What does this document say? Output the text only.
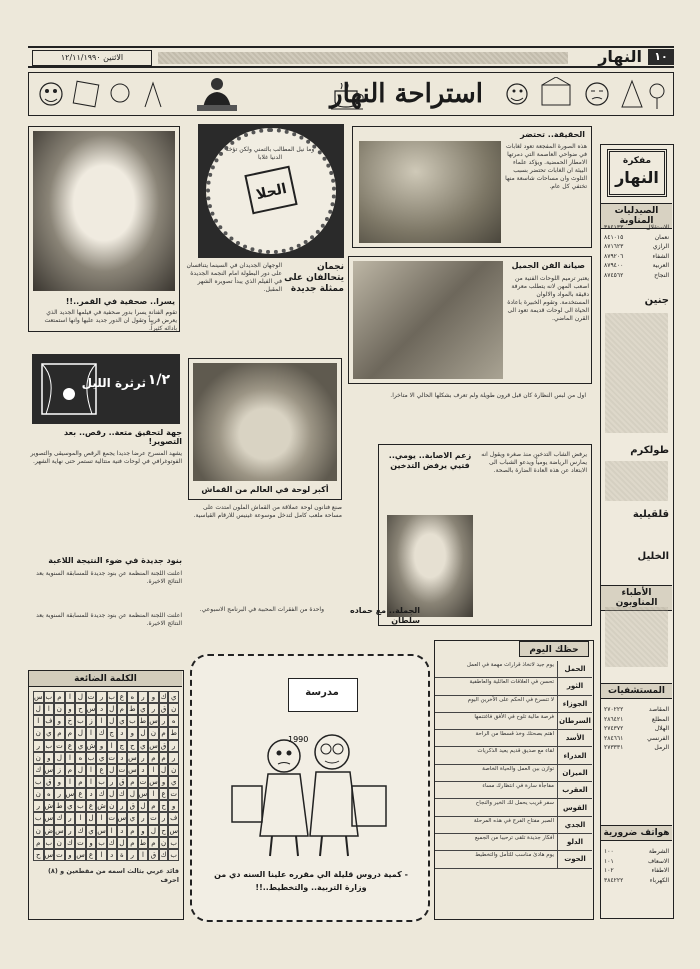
١٠
النهار
الاثنين ١٢/١١/١٩٩٠
استراحة النهار
مفكرة
النهار
الصيدليات المناوبة
الاستقلال
٣٨٤١٣٣
نعمان
٨٤١٠١٥
الرازي
٨٧١٦٢٣
الشفاء
٨٧٩٢٠٦
العربية
٨٧٩٤٠٠
النجاح
٨٧٤٥٦٢
جنين
طولكرم
قلقيلية
الخليل
الأطباء المناوبون
المستشفيات
المقاصد
٢٧٠٢٢٢
المطلع
٢٨٦٤٢١
الهلال
٢٧٤٣٧٢
الفرنسي
٢٨٤٦٦١
الرمل
٢٧٣٣٣١
هواتف ضرورية
الشرطة
١٠٠
الاسعاف
١٠١
الاطفاء
١٠٢
الكهرباء
٣٨٤٢٢٢
الحقيقة.. تحتضر
هذه الصورة المفجعة تعود لغابات في ضواحي العاصمة التي دمرتها الامطار الحمضية. ويؤكد علماء البيئة ان الغابات تحتضر بسبب التلوث وان مساحات شاسعة منها تختفي كل عام.
الحلا
وما نيل المطالب بالتمني ولكن تؤخذ الدنيا غلابا
يسرا.. صحفية في القمر..!!
تقوم الفنانة يسرا بدور صحفية في فيلمها الجديد الذي يعرض قريباً وتقول ان الدور جديد عليها وانها استمتعت بادائه كثيراً.
نجمان يتحالفان على ممثلة جديدة
الوجهان الجديدان في السينما يتنافسان على دور البطولة امام النجمة الجديدة في الفيلم الذي يبدأ تصويره الشهر المقبل.
صيانة الفن الجميل
يعتبر ترميم اللوحات الفنية من اصعب المهن لانه يتطلب معرفة دقيقة بالمواد والالوان المستخدمة. وتقوم الخبيرة باعادة الحياة الى لوحات قديمة تعود الى القرن الماضي.
١/٢
ثرثرة الليل
أكبر لوحة في العالم من القماش
صنع فنانون لوحة عملاقة من القماش الملون امتدت على مساحة ملعب كامل لتدخل موسوعة غينيس للارقام القياسية.
جهة لتحقيق متعة.. رقص.. بعد التصوير!
يشهد المسرح عرضاً جديداً يجمع الرقص والموسيقى والتصوير الفوتوغرافي في لوحات فنية متتالية تستمر حتى نهاية الشهر.
بنود جديدة في ضوء النتيجة اللاعبة
اعلنت اللجنة المنظمة عن بنود جديدة للمسابقة السنوية بعد النتائج الاخيرة.
اول من لبس النظارة كان قبل قرون طويلة ولم تعرف بشكلها الحالي الا متأخراً.
زعم الاصابة.. يومي.. فتيي يرفض التدخين
يرفض الشاب التدخين منذ صغره ويقول انه يمارس الرياضة يومياً ويدعو الشباب الى الابتعاد عن هذه العادة الضارة بالصحة.
الجملة.. مع حماده سلطان
واحدة من الفقرات المحببة في البرنامج الاسبوعي.
اعلنت اللجنة المنظمة عن بنود جديدة للمسابقة السنوية بعد النتائج الاخيرة.
الكلمة الضائعة
س ب م	ا	ل ت ر ب ع ه	ر	و ك ي
ل	ا	ن و ح س د ل م ط ي ر ق ن
ا ف و خ ب ز	ا ل ي ب ط س ر ه
ن ي م م ل	ا ك ج د	و ل ن م ط
ر ب ت ع ي ش و	ا ج ح ي س ق ر
ن و ل	ا	ه ب ي ت د س ر م م ر
ك س ز م ل	ا	ع ل ت س د	ا ل ن
ب ق و	ا	م	ا ب ر ق م ت س و ي
ن ه	ر س ع د ك ل ك ل س ا	ع ت
ر ش ط ي ب ع ش ن ر ق ل م ح و
ب س ك ر	ا	ل	ا ت س ي ر ت ر ف
ن ض س ر ك ي س ا	د م و ل ح س
م ب ن ك ت و ب ك ل م ط م ن ب
ح س ت و س ع	ا	د ة	ر	ا ق ك ب
قائد عربي بثالث اسمه من مقطعين و (٨) احرف
مدرسة
1990
- كمية دروس قليلة الي مقرره علينا السنه دي من وزارة التربية.. والتخطيط..!!
حظك اليوم
الحمل
يوم جيد لاتخاذ قرارات مهمة في العمل
الثور
تحسن في العلاقات العائلية والعاطفية
الجوزاء
لا تتسرع في الحكم على الآخرين اليوم
السرطان
فرصة مالية تلوح في الأفق فاغتنمها
الأسد
اهتم بصحتك وخذ قسطا من الراحة
العذراء
لقاء مع صديق قديم يعيد الذكريات
الميزان
توازن بين العمل والحياة الخاصة
العقرب
مفاجأة سارة في انتظارك مساء
القوس
سفر قريب يحمل لك الخير والنجاح
الجدي
الصبر مفتاح الفرج في هذه المرحلة
الدلو
أفكار جديدة تلقى ترحيبا من الجميع
الحوت
يوم هادئ مناسب للتأمل والتخطيط
